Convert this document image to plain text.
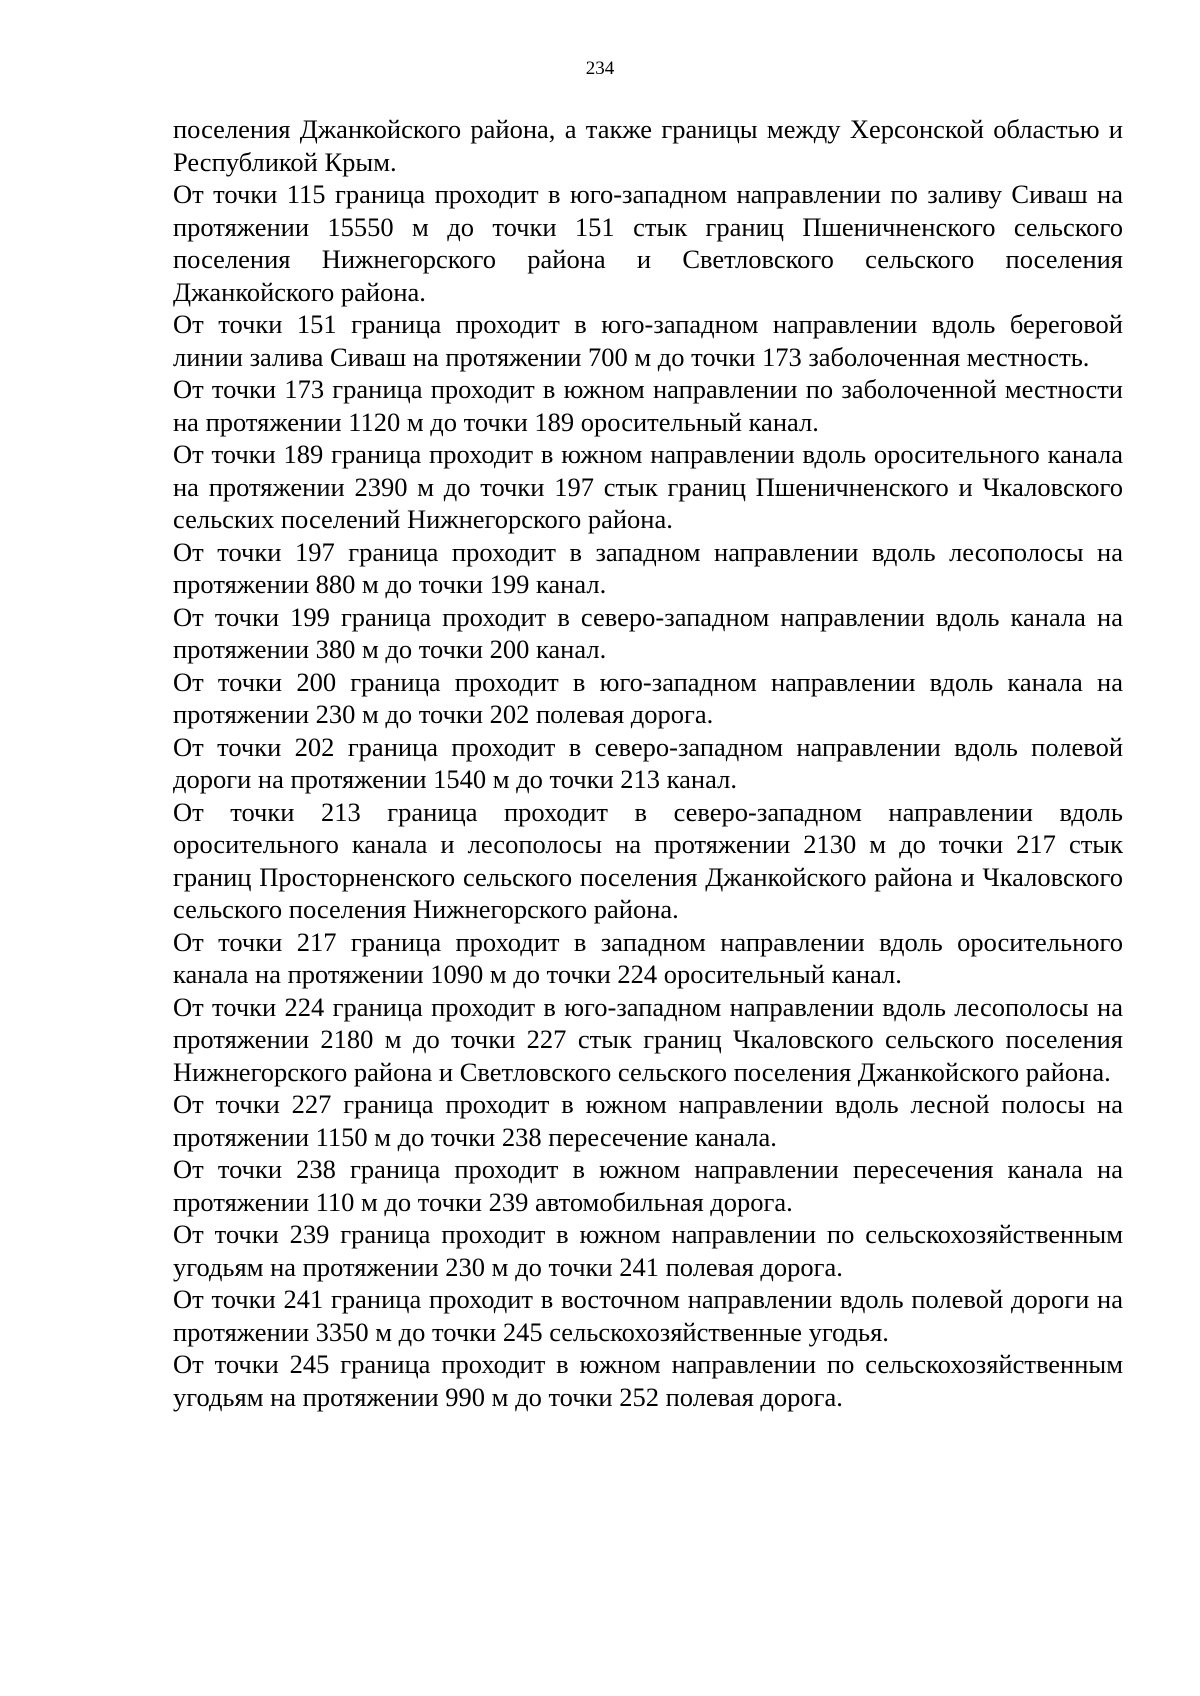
234

поселения Джанкойского района, а также границы между Херсонской областью и Республикой Крым.

От точки 115 граница проходит в юго-западном направлении по заливу Сиваш на протяжении 15550 м до точки 151 стык границ Пшеничненского сельского поселения Нижнегорского района и Светловского сельского поселения Джанкойского района.

От точки 151 граница проходит в юго-западном направлении вдоль береговой линии залива Сиваш на протяжении 700 м до точки 173 заболоченная местность.

От точки 173 граница проходит в южном направлении по заболоченной местности на протяжении 1120 м до точки 189 оросительный канал.

От точки 189 граница проходит в южном направлении вдоль оросительного канала на протяжении 2390 м до точки 197 стык границ Пшеничненского и Чкаловского сельских поселений Нижнегорского района.

От точки 197 граница проходит в западном направлении вдоль лесополосы на протяжении 880 м до точки 199 канал.

От точки 199 граница проходит в северо-западном направлении вдоль канала на протяжении 380 м до точки 200 канал.

От точки 200 граница проходит в юго-западном направлении вдоль канала на протяжении 230 м до точки 202 полевая дорога.

От точки 202 граница проходит в северо-западном направлении вдоль полевой дороги на протяжении 1540 м до точки 213 канал.

От точки 213 граница проходит в северо-западном направлении вдоль оросительного канала и лесополосы на протяжении 2130 м до точки 217 стык границ Просторненского сельского поселения Джанкойского района и Чкаловского сельского поселения Нижнегорского района.

От точки 217 граница проходит в западном направлении вдоль оросительного канала на протяжении 1090 м до точки 224 оросительный канал.

От точки 224 граница проходит в юго-западном направлении вдоль лесополосы на протяжении 2180 м до точки 227 стык границ Чкаловского сельского поселения Нижнегорского района и Светловского сельского поселения Джанкойского района.

От точки 227 граница проходит в южном направлении вдоль лесной полосы на протяжении 1150 м до точки 238 пересечение канала.

От точки 238 граница проходит в южном направлении пересечения канала на протяжении 110 м до точки 239 автомобильная дорога.

От точки 239 граница проходит в южном направлении по сельскохозяйственным угодьям на протяжении 230 м до точки 241 полевая дорога.

От точки 241 граница проходит в восточном направлении вдоль полевой дороги на протяжении 3350 м до точки 245 сельскохозяйственные угодья.

От точки 245 граница проходит в южном направлении по сельскохозяйственным угодьям на протяжении 990 м до точки 252 полевая дорога.
